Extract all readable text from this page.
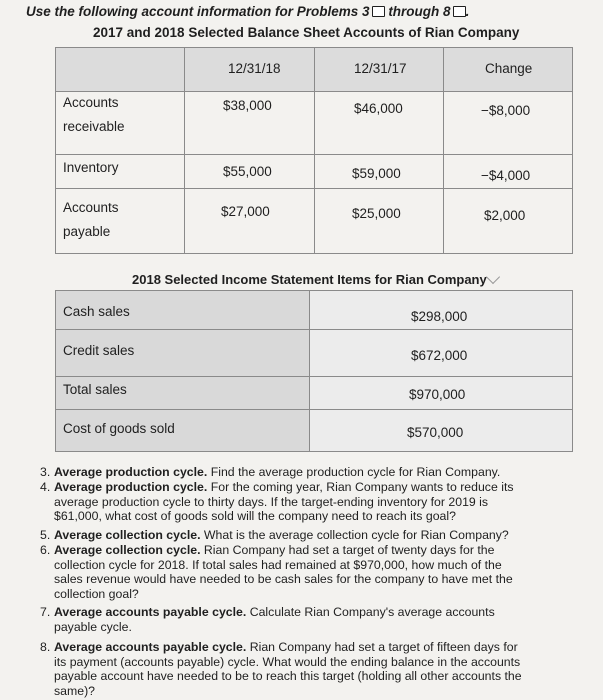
Use the following account information for Problems 3 through 8 .
2017 and 2018 Selected Balance Sheet Accounts of Rian Company
12/31/18	12/31/17	Change
Accounts
receivable
$38,000	$46,000	−$8,000
Inventory	$55,000	$59,000	−$4,000
Accounts
payable
$27,000	$25,000	$2,000
2018 Selected Income Statement Items for Rian Company
Cash sales	$298,000
Credit sales	$672,000
Total sales	$970,000
Cost of goods sold	$570,000
3. Average production cycle. Find the average production cycle for Rian Company.
4. Average production cycle. For the coming year, Rian Company wants to reduce its
average production cycle to thirty days. If the target-ending inventory for 2019 is
$61,000, what cost of goods sold will the company need to reach its goal?
5. Average collection cycle. What is the average collection cycle for Rian Company?
6. Average collection cycle. Rian Company had set a target of twenty days for the
collection cycle for 2018. If total sales had remained at $970,000, how much of the
sales revenue would have needed to be cash sales for the company to have met the
collection goal?
7. Average accounts payable cycle. Calculate Rian Company's average accounts
payable cycle.
8. Average accounts payable cycle. Rian Company had set a target of fifteen days for
its payment (accounts payable) cycle. What would the ending balance in the accounts
payable account have needed to be to reach this target (holding all other accounts the
same)?
